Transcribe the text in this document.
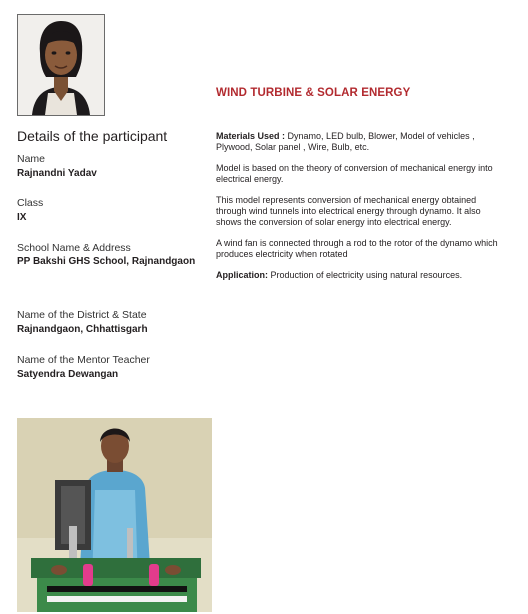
Details of the participant
Name
Rajnandni Yadav
Class
IX
School Name & Address
PP Bakshi GHS School, Rajnandgaon
Name of the District & State
Rajnandgaon, Chhattisgarh
Name of the Mentor Teacher
Satyendra Dewangan
WIND TURBINE & SOLAR ENERGY
Materials Used : Dynamo, LED bulb, Blower, Model of vehicles , Plywood, Solar panel , Wire, Bulb, etc.
Model is based on the theory of conversion of mechanical energy into electrical energy.
This model represents conversion of mechanical energy obtained through wind tunnels into electrical energy through dynamo. It also shows the conversion of solar energy into electrical energy.
A wind fan is connected through a rod to the rotor of the dynamo which produces electricity when rotated
Application: Production of electricity using natural resources.
